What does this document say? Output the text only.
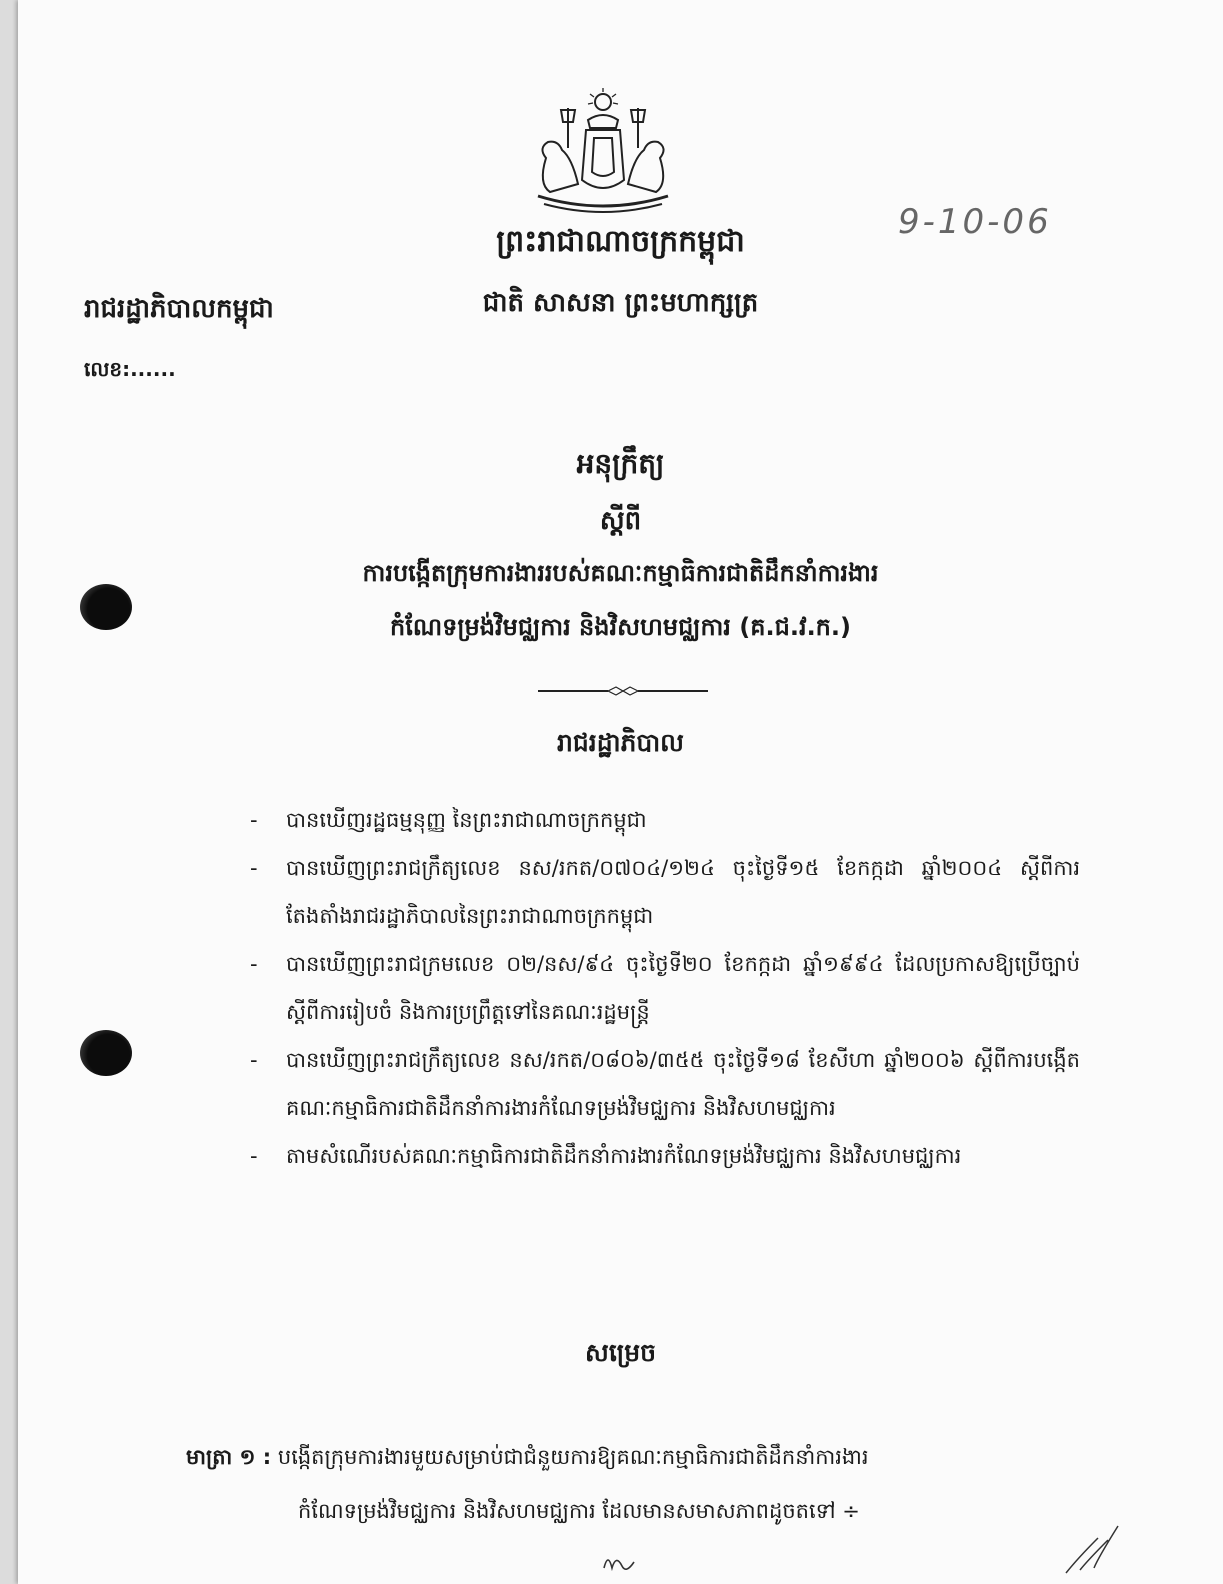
ព្រះរាជាណាចក្រកម្ពុជា
ជាតិ សាសនា ព្រះមហាក្សត្រ
9-10-06
រាជរដ្ឋាភិបាលកម្ពុជា
លេខ:......
អនុក្រឹត្យ
ស្តីពី
ការបង្កើតក្រុមការងាររបស់គណៈកម្មាធិការជាតិដឹកនាំការងារ
កំណែទម្រង់វិមជ្ឈការ និងវិសហមជ្ឈការ (គ.ជ.វ.ក.)
រាជរដ្ឋាភិបាល
- បានឃើញរដ្ឋធម្មនុញ្ញ នៃព្រះរាជាណាចក្រកម្ពុជា
- បានឃើញព្រះរាជក្រឹត្យលេខ នស/រកត/០៧០៤/១២៤ ចុះថ្ងៃទី១៥ ខែកក្កដា ឆ្នាំ២០០៤ ស្តីពីការតែងតាំងរាជរដ្ឋាភិបាលនៃព្រះរាជាណាចក្រកម្ពុជា
- បានឃើញព្រះរាជក្រមលេខ ០២/នស/៩៤ ចុះថ្ងៃទី២០ ខែកក្កដា ឆ្នាំ១៩៩៤ ដែលប្រកាសឱ្យប្រើច្បាប់ស្តីពីការរៀបចំ និងការប្រព្រឹត្តទៅនៃគណៈរដ្ឋមន្ត្រី
- បានឃើញព្រះរាជក្រឹត្យលេខ នស/រកត/០៨០៦/៣៥៥ ចុះថ្ងៃទី១៨ ខែសីហា ឆ្នាំ២០០៦ ស្តីពីការបង្កើតគណៈកម្មាធិការជាតិដឹកនាំការងារកំណែទម្រង់វិមជ្ឈការ និងវិសហមជ្ឈការ
- តាមសំណើរបស់គណៈកម្មាធិការជាតិដឹកនាំការងារកំណែទម្រង់វិមជ្ឈការ និងវិសហមជ្ឈការ
សម្រេច
មាត្រា ១ : បង្កើតក្រុមការងារមួយសម្រាប់ជាជំនួយការឱ្យគណៈកម្មាធិការជាតិដឹកនាំការងារ
កំណែទម្រង់វិមជ្ឈការ និងវិសហមជ្ឈការ ដែលមានសមាសភាពដូចតទៅ ÷
